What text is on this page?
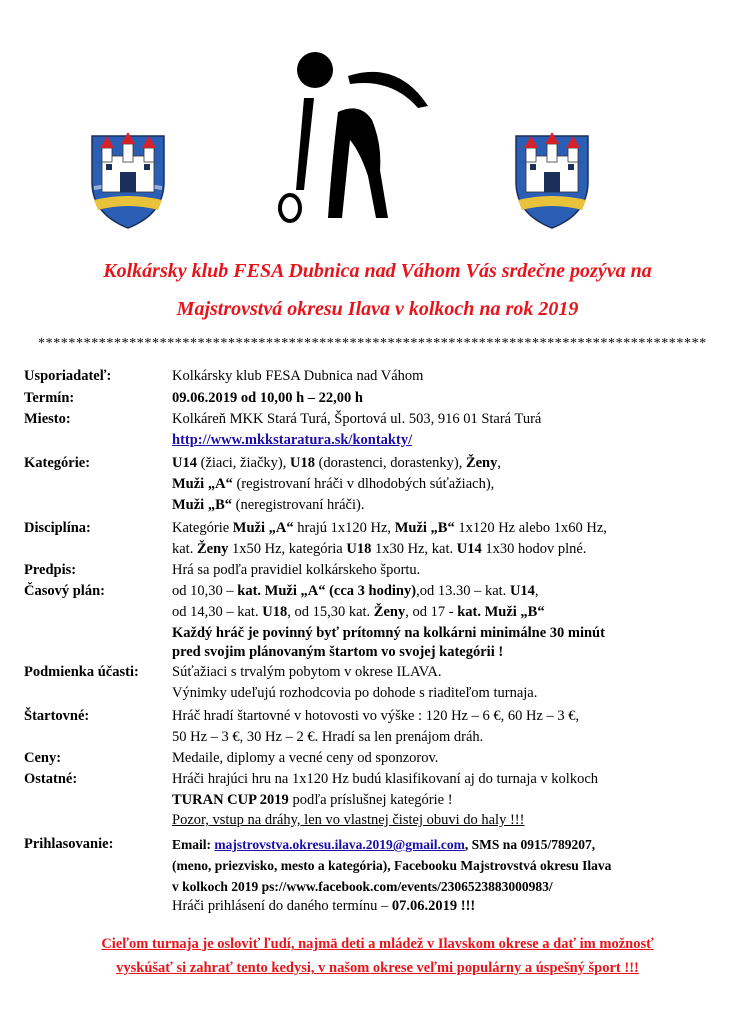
Kolkársky klub FESA Dubnica nad Váhom Vás srdečne pozýva na
Majstrovstvá okresu Ilava v kolkoch na rok 2019
****************************************************************************************
Usporiadateľ:	Kolkársky klub FESA Dubnica nad Váhom
Termín:	09.06.2019 od 10,00 h – 22,00 h
Miesto:	Kolkáreň MKK Stará Turá, Športová ul. 503, 916 01 Stará Turá
http://www.mkkstaratura.sk/kontakty/
Kategórie:	U14 (žiaci, žiačky), U18 (dorastenci, dorastenky), Ženy,
Muži „A“ (registrovaní hráči v dlhodobých súťažiach),
Muži „B“ (neregistrovaní hráči).
Disciplína:	Kategórie Muži „A“ hrajú 1x120 Hz, Muži „B“ 1x120 Hz alebo 1x60 Hz,
kat. Ženy 1x50 Hz, kategória U18 1x30 Hz, kat. U14 1x30 hodov plné.
Predpis:	Hrá sa podľa pravidiel kolkárskeho športu.
Časový plán:	od 10,30 – kat. Muži „A“ (cca 3 hodiny),od 13.30 – kat. U14,
od 14,30 – kat. U18, od 15,30 kat. Ženy, od 17 - kat. Muži „B“
Každý hráč je povinný byť prítomný na kolkárni minimálne 30 minút
pred svojim plánovaným štartom vo svojej kategórii !
Podmienka účasti: Súťažiaci s trvalým pobytom v okrese ILAVA.
Výnimky udeľujú rozhodcovia po dohode s riaditeľom turnaja.
Štartovné:	Hráč hradí štartovné v hotovosti vo výške : 120 Hz – 6 €, 60 Hz – 3 €,
50 Hz – 3 €, 30 Hz – 2 €. Hradí sa len prenájom dráh.
Ceny:	Medaile, diplomy a vecné ceny od sponzorov.
Ostatné:	Hráči hrajúci hru na 1x120 Hz budú klasifikovaní aj do turnaja v kolkoch
TURAN CUP 2019 podľa príslušnej kategórie !
Pozor, vstup na dráhy, len vo vlastnej čistej obuvi do haly !!!
Prihlasovanie:	Email: majstrovstva.okresu.ilava.2019@gmail.com, SMS na 0915/789207,
(meno, priezvisko, mesto a kategória), Facebooku Majstrovstvá okresu Ilava
v kolkoch 2019 ps://www.facebook.com/events/2306523883000983/
Hráči prihlásení do daného termínu – 07.06.2019 !!!
Cieľom turnaja je osloviť ľudí, najmä deti a mládež v Ilavskom okrese a dať im možnosť
vyskúšať si zahrať tento kedysi, v našom okrese veľmi populárny a úspešný šport !!!
